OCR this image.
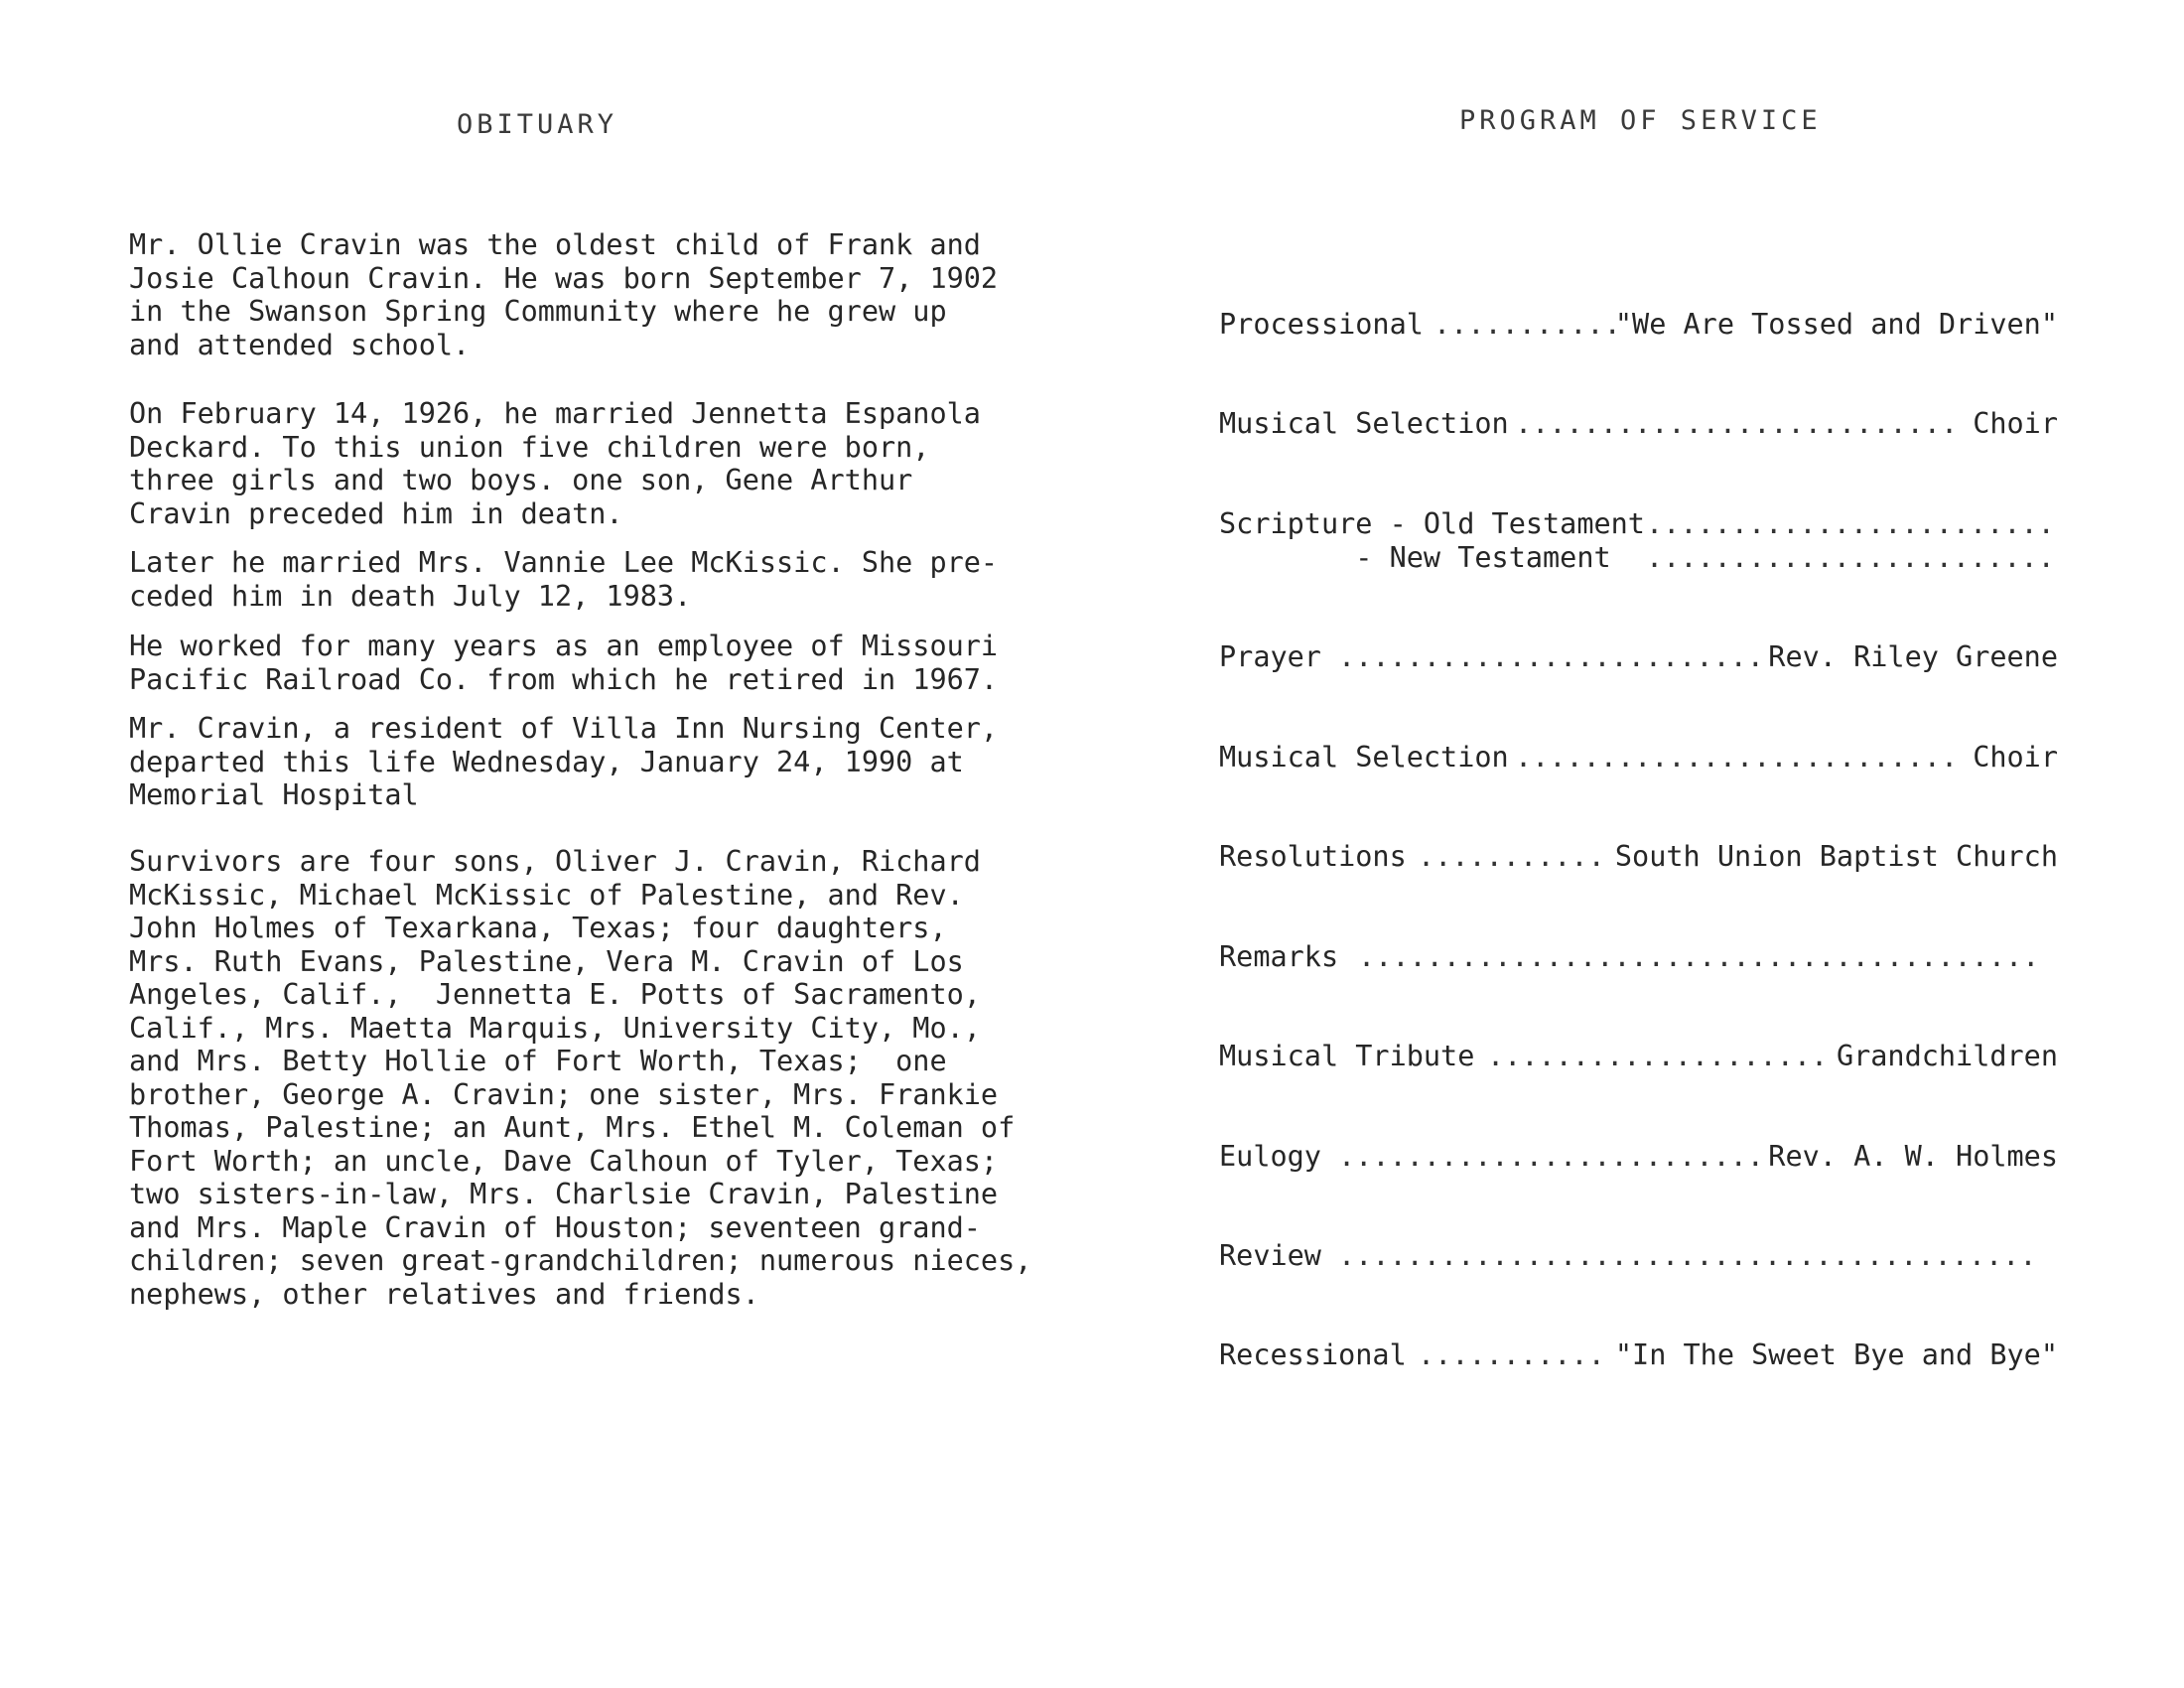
OBITUARY
Mr. Ollie Cravin was the oldest child of Frank and
Josie Calhoun Cravin. He was born September 7, 1902
in the Swanson Spring Community where he grew up
and attended school.
On February 14, 1926, he married Jennetta Espanola
Deckard. To this union five children were born,
three girls and two boys. one son, Gene Arthur
Cravin preceded him in deatn.
Later he married Mrs. Vannie Lee McKissic. She pre-
ceded him in death July 12, 1983.
He worked for many years as an employee of Missouri
Pacific Railroad Co. from which he retired in 1967.
Mr. Cravin, a resident of Villa Inn Nursing Center,
departed this life Wednesday, January 24, 1990 at
Memorial Hospital
Survivors are four sons, Oliver J. Cravin, Richard
McKissic, Michael McKissic of Palestine, and Rev.
John Holmes of Texarkana, Texas; four daughters,
Mrs. Ruth Evans, Palestine, Vera M. Cravin of Los
Angeles, Calif.,  Jennetta E. Potts of Sacramento,
Calif., Mrs. Maetta Marquis, University City, Mo.,
and Mrs. Betty Hollie of Fort Worth, Texas;  one
brother, George A. Cravin; one sister, Mrs. Frankie
Thomas, Palestine; an Aunt, Mrs. Ethel M. Coleman of
Fort Worth; an uncle, Dave Calhoun of Tyler, Texas;
two sisters-in-law, Mrs. Charlsie Cravin, Palestine
and Mrs. Maple Cravin of Houston; seventeen grand-
children; seven great-grandchildren; numerous nieces,
nephews, other relatives and friends.
PROGRAM OF SERVICE

Processional

...........

"We Are Tossed and Driven"

Musical Selection

..........................

Choir

Scripture - Old Testament

........................

- New Testament

........................

Prayer

.........................

Rev. Riley Greene

Musical Selection

..........................

Choir

Resolutions

...........

South Union Baptist Church

Remarks

........................................

Musical Tribute

....................

Grandchildren

Eulogy

.........................

Rev. A. W. Holmes

Review

.........................................

Recessional

...........

"In The Sweet Bye and Bye"
